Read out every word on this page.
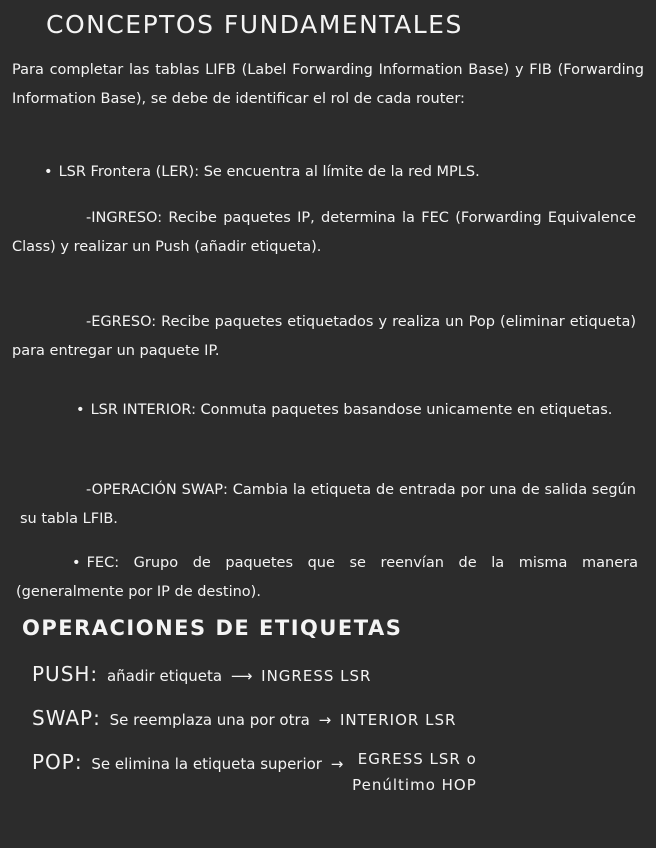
CONCEPTOS FUNDAMENTALES

Para completar las tablas LIFB (Label Forwarding Information Base) y FIB (Forwarding Information Base), se debe de identificar el rol de cada router:

• LSR Frontera (LER): Se encuentra al límite de la red MPLS.

-INGRESO: Recibe paquetes IP, determina la FEC (Forwarding Equivalence Class) y realizar un Push (añadir etiqueta).

-EGRESO: Recibe paquetes etiquetados y realiza un Pop (eliminar etiqueta) para entregar un paquete IP.

• LSR INTERIOR: Conmuta paquetes basandose unicamente en etiquetas.

-OPERACIÓN SWAP: Cambia la etiqueta de entrada por una de salida según su tabla LFIB.

• FEC: Grupo de paquetes que se reenvían de la misma manera (generalmente por IP de destino).

OPERACIONES DE ETIQUETAS
PUSH: añadir etiqueta ⟶ INGRESS LSR
SWAP: Se reemplaza una por otra → INTERIOR LSR
POP: Se elimina la etiqueta superior → EGRESS LSR o
Penúltimo HOP
